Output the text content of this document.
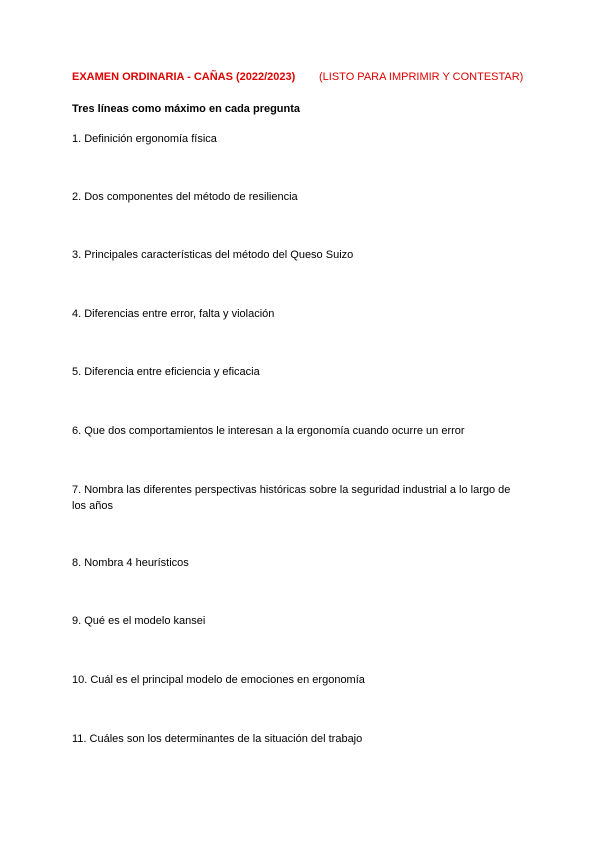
EXAMEN ORDINARIA - CAÑAS (2022/2023) (LISTO PARA IMPRIMIR Y CONTESTAR)
Tres líneas como máximo en cada pregunta
1. Definición ergonomía física
2. Dos componentes del método de resiliencia
3. Principales características del método del Queso Suizo
4. Diferencias entre error, falta y violación
5. Diferencia entre eficiencia y eficacia
6. Que dos comportamientos le interesan a la ergonomía cuando ocurre un error
7. Nombra las diferentes perspectivas históricas sobre la seguridad industrial a lo largo de los años
8. Nombra 4 heurísticos
9. Qué es el modelo kansei
10. Cuál es el principal modelo de emociones en ergonomía
11. Cuáles son los determinantes de la situación del trabajo
